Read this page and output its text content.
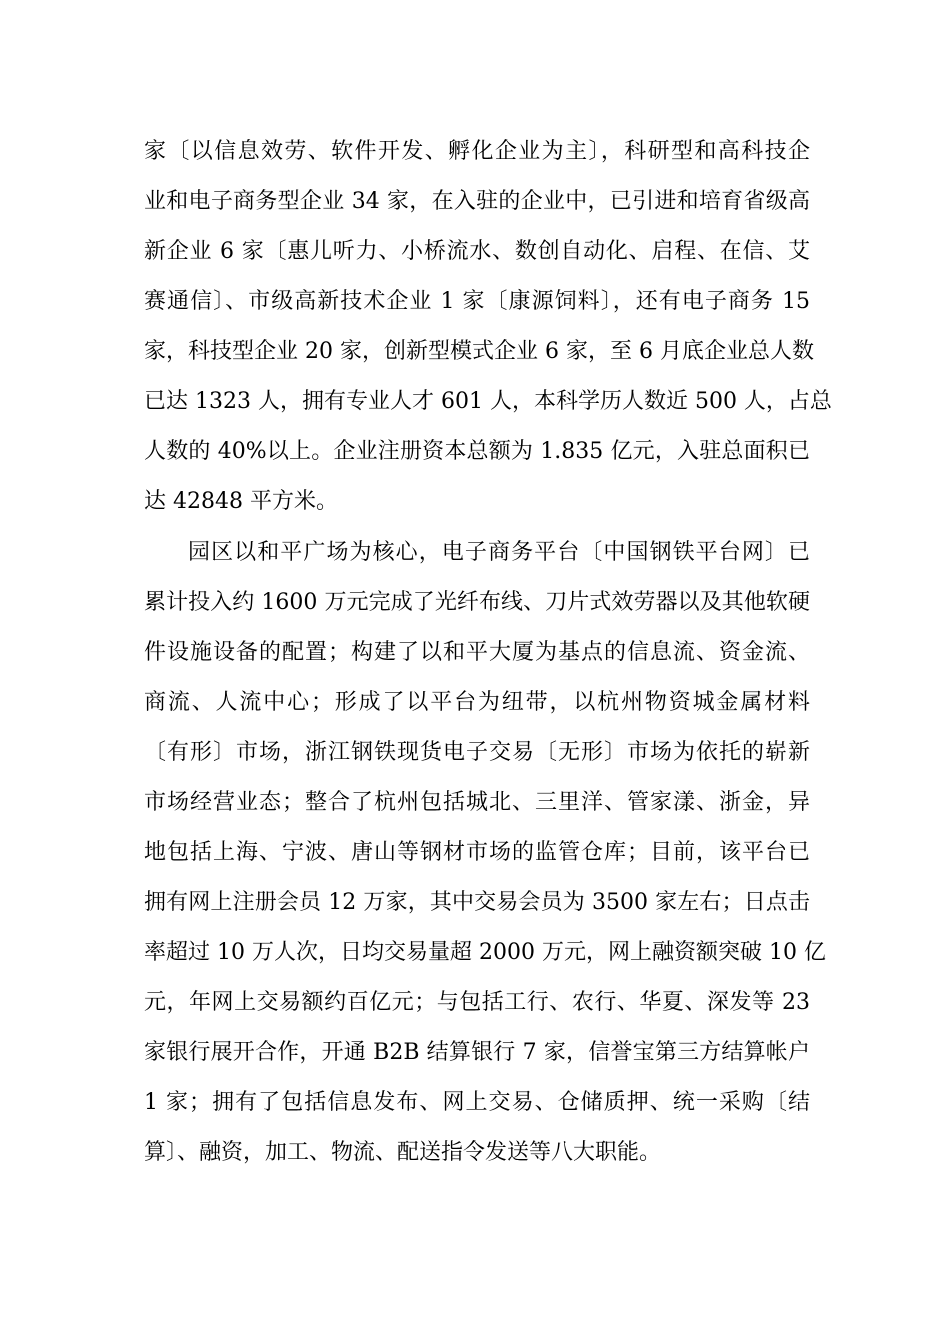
家〔以信息效劳、软件开发、孵化企业为主〕，科研型和高科技企
业和电子商务型企业 34 家，在入驻的企业中，已引进和培育省级高
新企业 6 家〔惠儿听力、小桥流水、数创自动化、启程、在信、艾
赛通信〕、市级高新技术企业 1 家〔康源饲料〕，还有电子商务 15
家，科技型企业 20 家，创新型模式企业 6 家，至 6 月底企业总人数
已达 1323 人，拥有专业人才 601 人，本科学历人数近 500 人，占总
人数的 40%以上。企业注册资本总额为 1.835 亿元，入驻总面积已
达 42848 平方米。
园区以和平广场为核心，电子商务平台〔中国钢铁平台网〕已
累计投入约 1600 万元完成了光纤布线、刀片式效劳器以及其他软硬
件设施设备的配置；构建了以和平大厦为基点的信息流、资金流、
商流、人流中心；形成了以平台为纽带，以杭州物资城金属材料
〔有形〕市场，浙江钢铁现货电子交易〔无形〕市场为依托的崭新
市场经营业态；整合了杭州包括城北、三里洋、管家漾、浙金，异
地包括上海、宁波、唐山等钢材市场的监管仓库；目前，该平台已
拥有网上注册会员 12 万家，其中交易会员为 3500 家左右；日点击
率超过 10 万人次，日均交易量超 2000 万元，网上融资额突破 10 亿
元，年网上交易额约百亿元；与包括工行、农行、华夏、深发等 23
家银行展开合作，开通 B2B 结算银行 7 家，信誉宝第三方结算帐户
1 家；拥有了包括信息发布、网上交易、仓储质押、统一采购〔结
算〕、融资，加工、物流、配送指令发送等八大职能。
